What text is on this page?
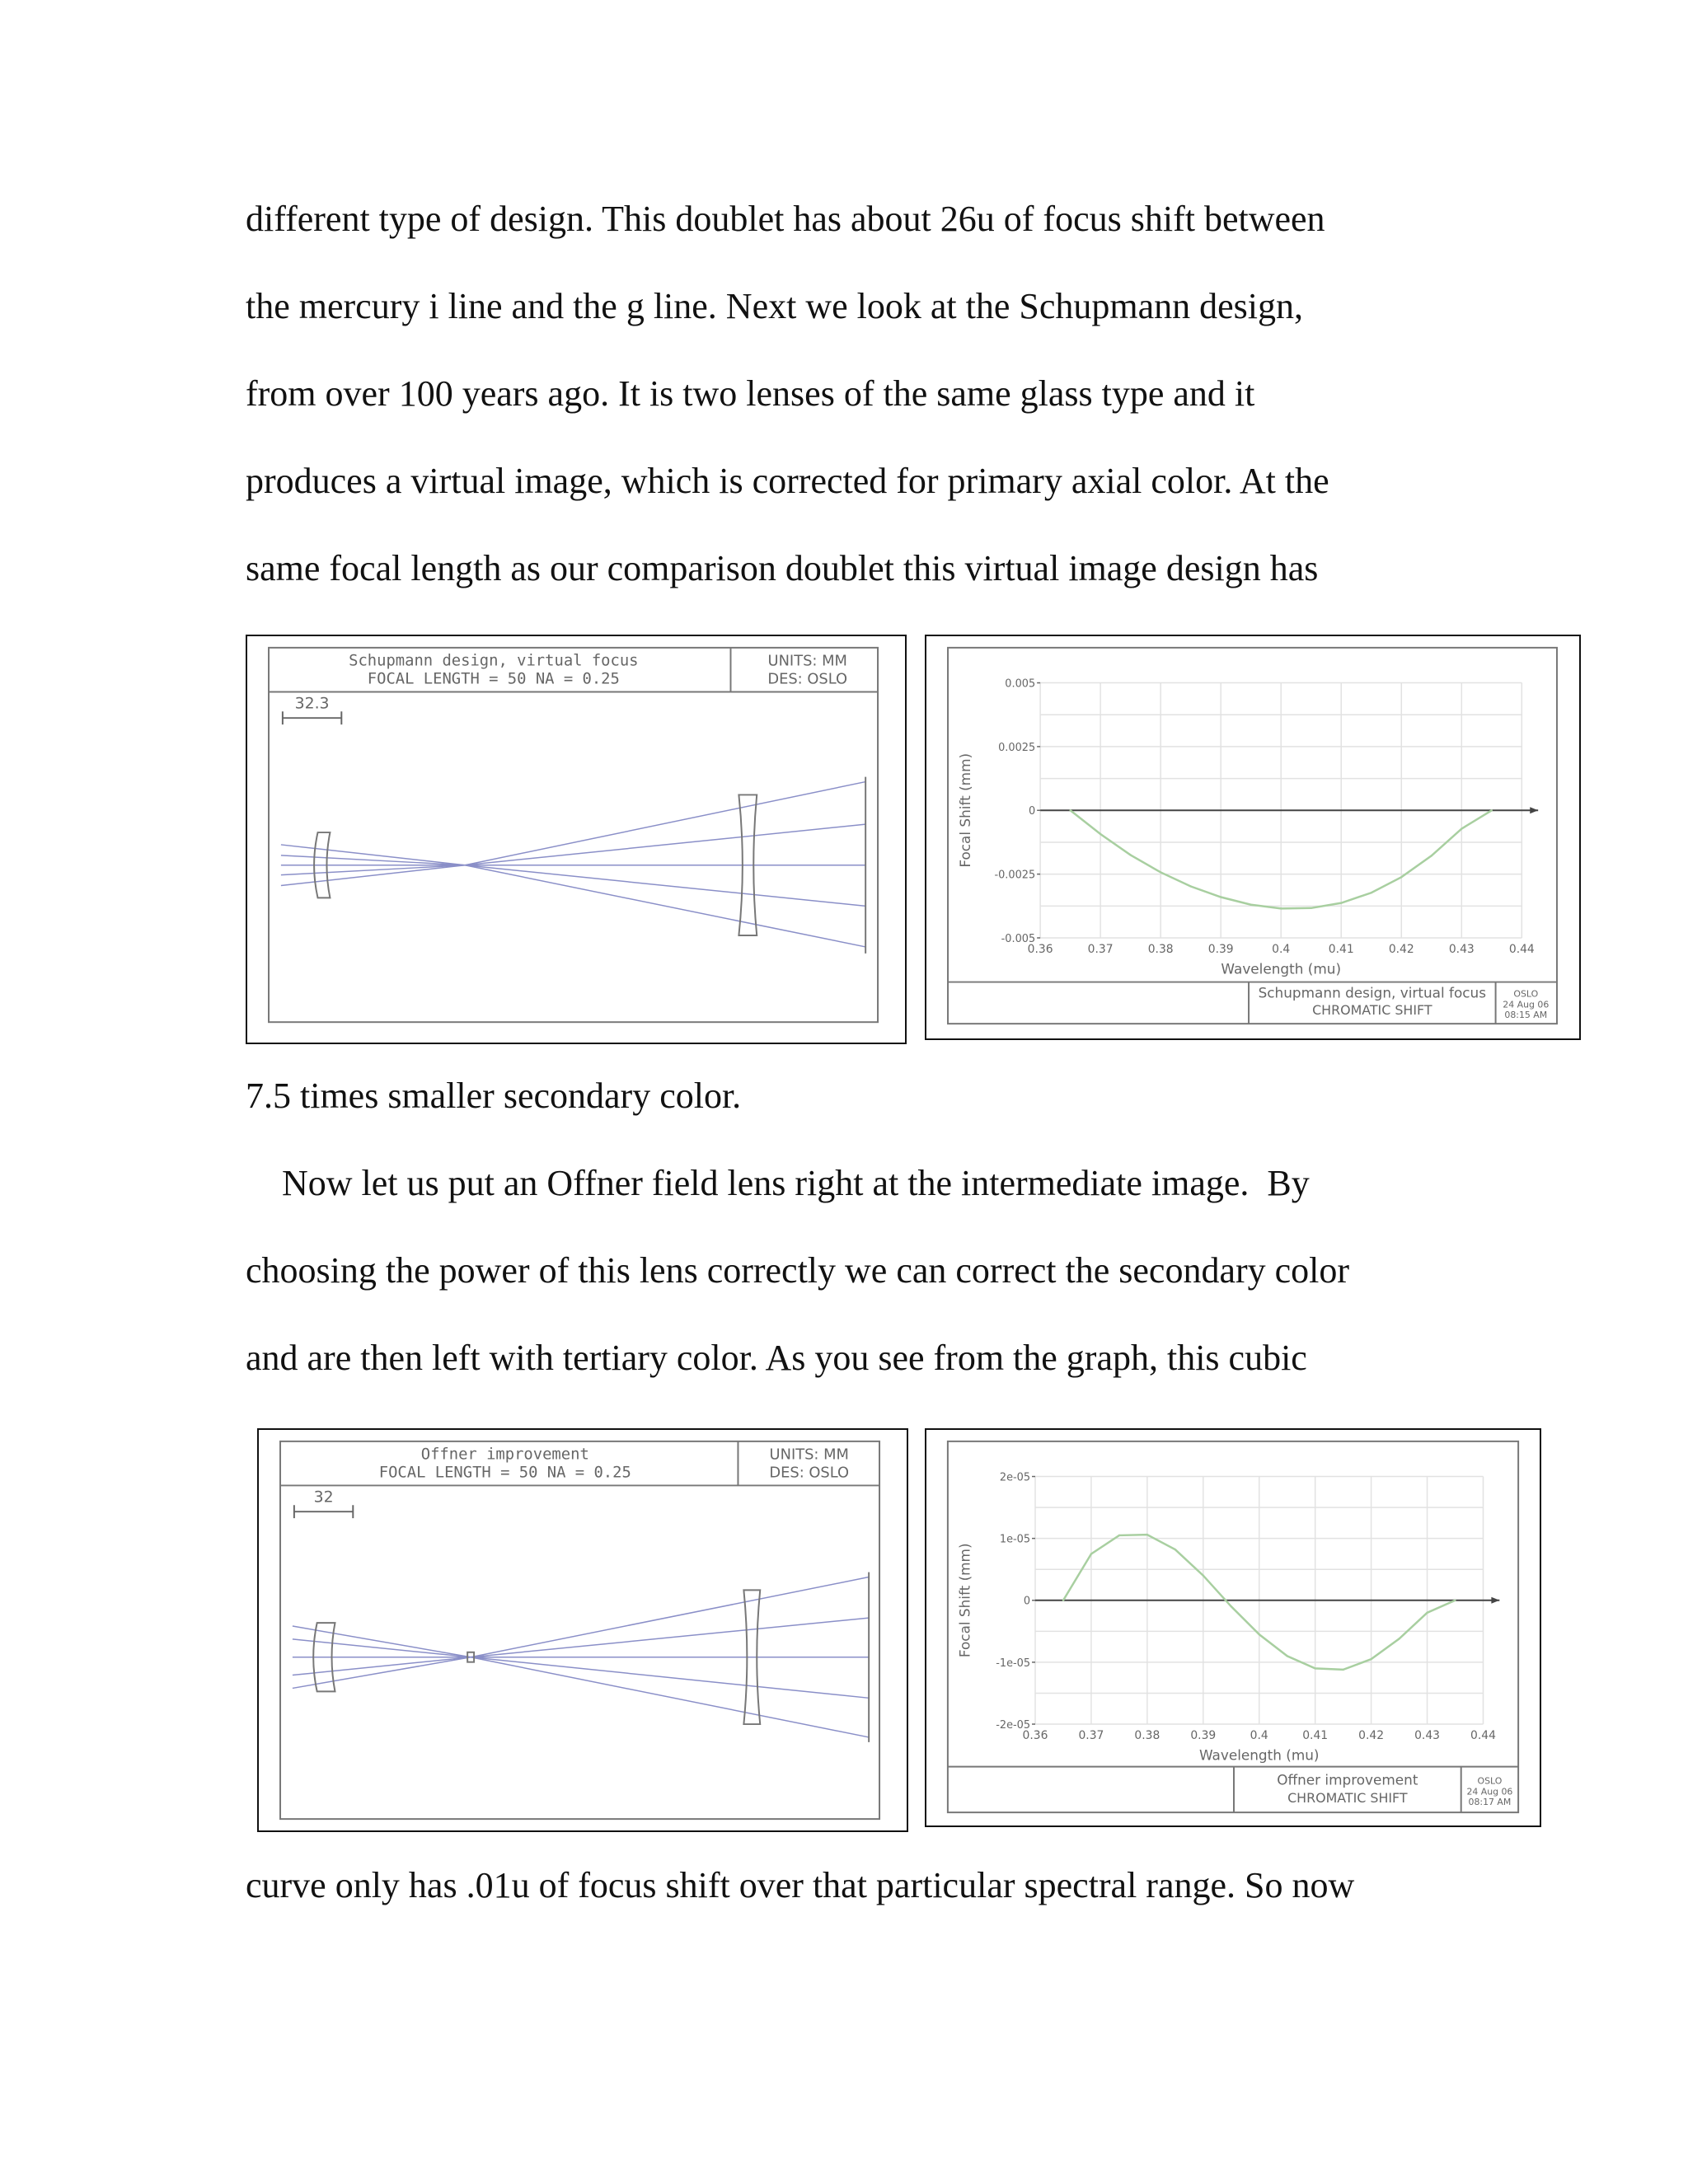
different type of design. This doublet has about 26u of focus shift between

the mercury i line and the g line. Next we look at the Schupmann design,

from over 100 years ago. It is two lenses of the same glass type and it

produces a virtual image, which is corrected for primary axial color. At the

same focal length as our comparison doublet this virtual image design has

Schupmann design, virtual focus
FOCAL LENGTH = 50 NA = 0.25
UNITS: MM
DES: OSLO
32.3
Schupmann design, virtual focus
CHROMATIC SHIFT
OSLO
24 Aug 06
08:15 AM
0.005
0.0025
0
-0.0025
-0.005
0.36	0.37	0.38	0.39	0.4	0.41	0.42	0.43	0.44
Wavelength (mu)
Focal Shift (mm)

7.5 times smaller secondary color.

Now let us put an Offner field lens right at the intermediate image.  By

choosing the power of this lens correctly we can correct the secondary color

and are then left with tertiary color. As you see from the graph, this cubic

Offner improvement
FOCAL LENGTH = 50 NA = 0.25
UNITS: MM
DES: OSLO
32
Offner improvement
CHROMATIC SHIFT
OSLO
24 Aug 06
08:17 AM
2e-05
1e-05
0
-1e-05
-2e-05
0.36	0.37	0.38	0.39	0.4	0.41	0.42	0.43	0.44
Wavelength (mu)
Focal Shift (mm)

curve only has .01u of focus shift over that particular spectral range. So now
